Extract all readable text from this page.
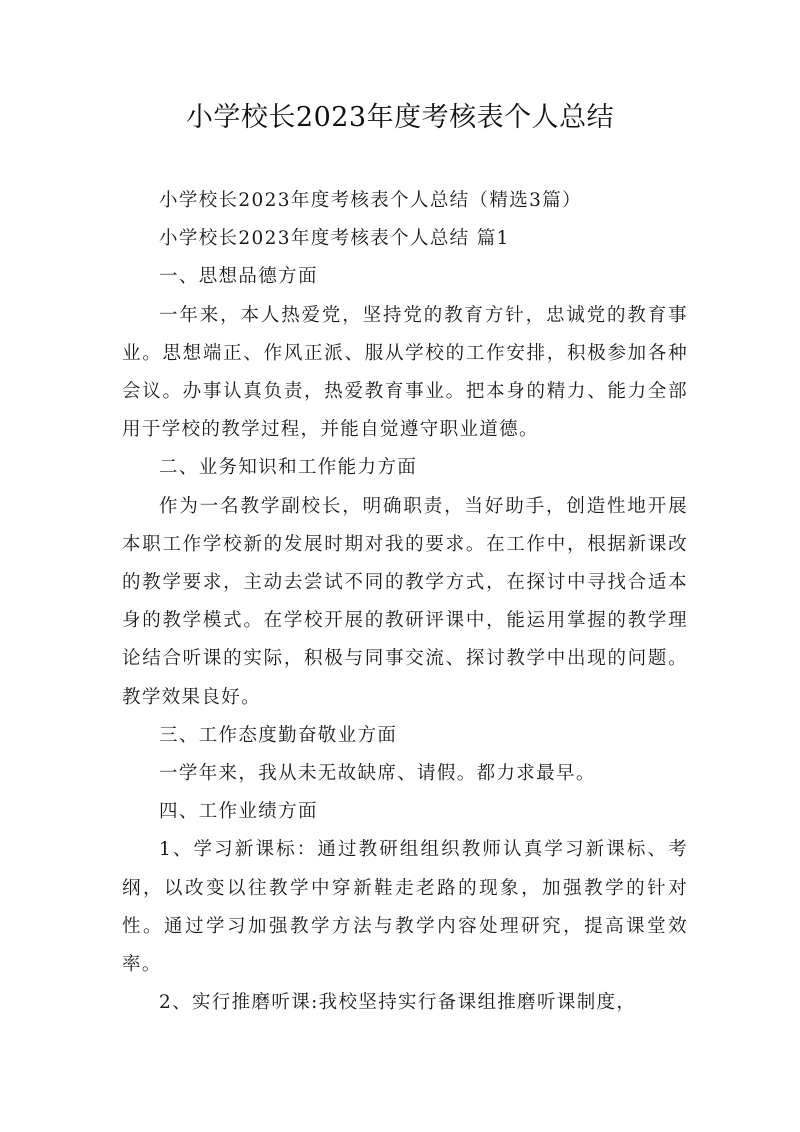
小学校长2023年度考核表个人总结

小学校长2023年度考核表个人总结（精选3篇）

小学校长2023年度考核表个人总结 篇1

一、思想品德方面

一年来，本人热爱党，坚持党的教育方针，忠诚党的教育事业。思想端正、作风正派、服从学校的工作安排，积极参加各种会议。办事认真负责，热爱教育事业。把本身的精力、能力全部用于学校的教学过程，并能自觉遵守职业道德。

二、业务知识和工作能力方面

作为一名教学副校长，明确职责，当好助手，创造性地开展本职工作学校新的发展时期对我的要求。在工作中，根据新课改的教学要求，主动去尝试不同的教学方式，在探讨中寻找合适本身的教学模式。在学校开展的教研评课中，能运用掌握的教学理论结合听课的实际，积极与同事交流、探讨教学中出现的问题。教学效果良好。

三、工作态度勤奋敬业方面

一学年来，我从未无故缺席、请假。都力求最早。

四、工作业绩方面

1、学习新课标：通过教研组组织教师认真学习新课标、考纲，以改变以往教学中穿新鞋走老路的现象，加强教学的针对性。通过学习加强教学方法与教学内容处理研究，提高课堂效率。

2、实行推磨听课:我校坚持实行备课组推磨听课制度，
